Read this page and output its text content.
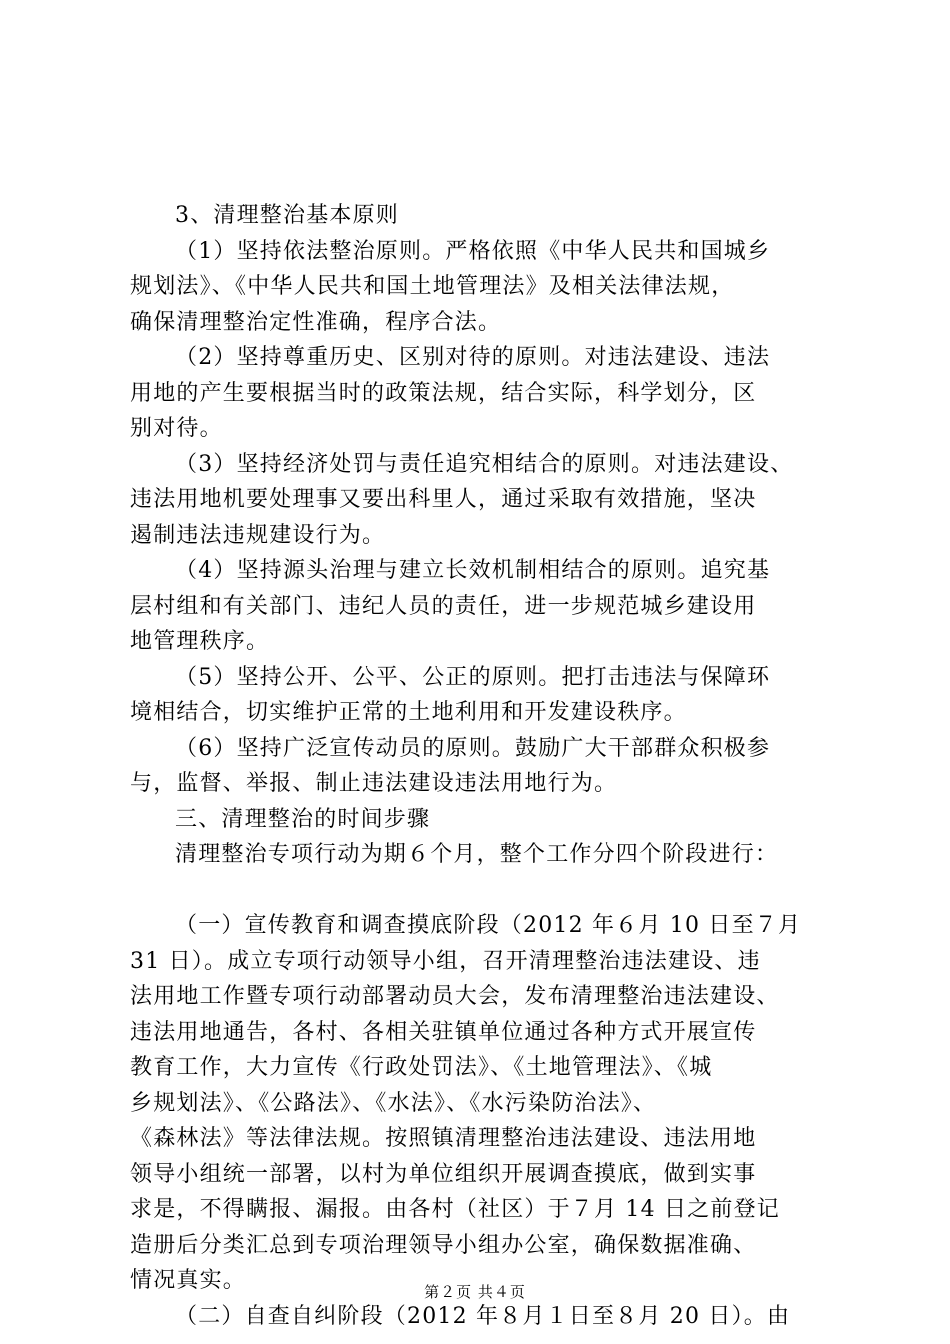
3、清理整治基本原则
（1）坚持依法整治原则。严格依照《中华人民共和国城乡
规划法》、《中华人民共和国土地管理法》及相关法律法规，
确保清理整治定性准确，程序合法。
（2）坚持尊重历史、区别对待的原则。对违法建设、违法
用地的产生要根据当时的政策法规，结合实际，科学划分，区
别对待。
（3）坚持经济处罚与责任追究相结合的原则。对违法建设、
违法用地机要处理事又要出科里人，通过采取有效措施，坚决
遏制违法违规建设行为。
（4）坚持源头治理与建立长效机制相结合的原则。追究基
层村组和有关部门、违纪人员的责任，进一步规范城乡建设用
地管理秩序。
（5）坚持公开、公平、公正的原则。把打击违法与保障环
境相结合，切实维护正常的土地利用和开发建设秩序。
（6）坚持广泛宣传动员的原则。鼓励广大干部群众积极参
与，监督、举报、制止违法建设违法用地行为。
三、清理整治的时间步骤
清理整治专项行动为期６个月，整个工作分四个阶段进行：
（一）宣传教育和调查摸底阶段（2012 年６月 10 日至７月
31 日）。成立专项行动领导小组，召开清理整治违法建设、违
法用地工作暨专项行动部署动员大会，发布清理整治违法建设、
违法用地通告，各村、各相关驻镇单位通过各种方式开展宣传
教育工作，大力宣传《行政处罚法》、《土地管理法》、《城
乡规划法》、《公路法》、《水法》、《水污染防治法》、
《森林法》等法律法规。按照镇清理整治违法建设、违法用地
领导小组统一部署，以村为单位组织开展调查摸底，做到实事
求是，不得瞒报、漏报。由各村（社区）于７月 14 日之前登记
造册后分类汇总到专项治理领导小组办公室，确保数据准确、
情况真实。
（二）自查自纠阶段（2012 年８月１日至８月 20 日）。由
第２页 共４页
